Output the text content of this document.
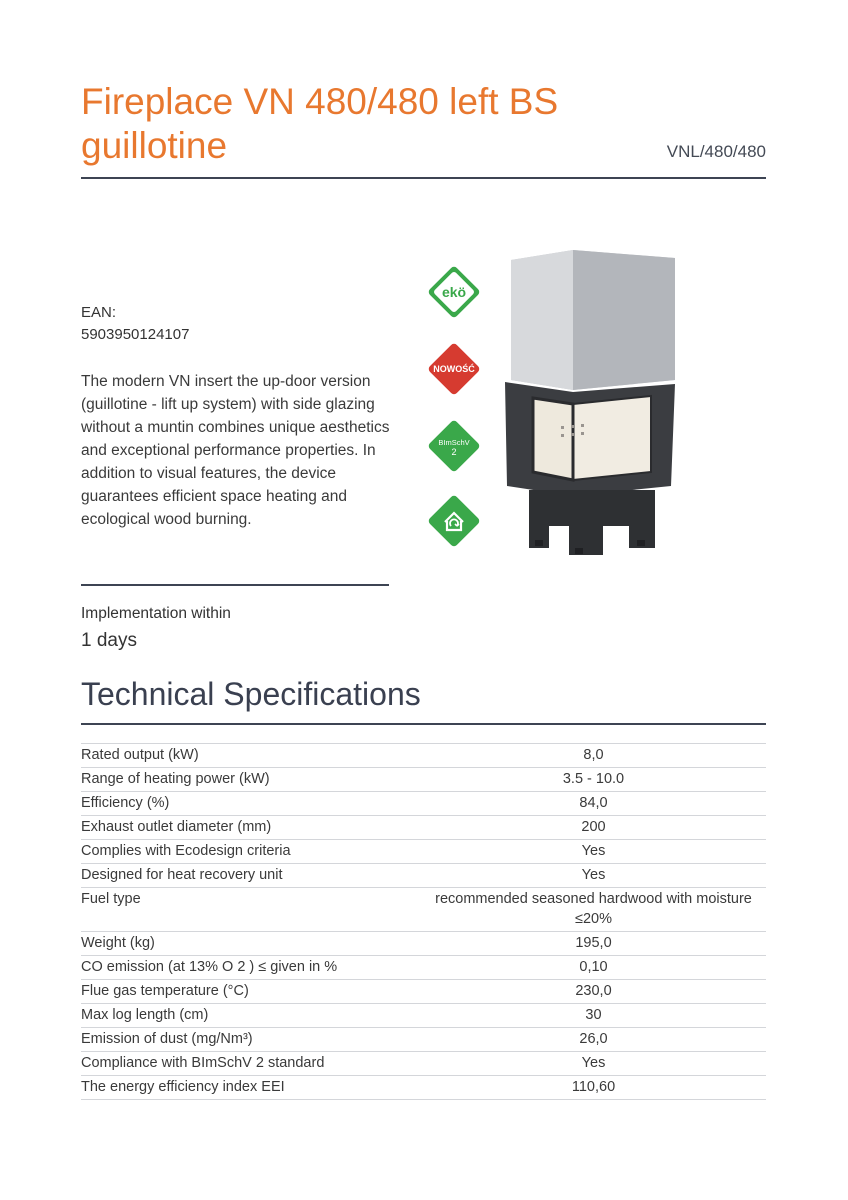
Fireplace VN 480/480 left BS guillotine	VNL/480/480
EAN:
5903950124107

The modern VN insert the up-door version (guillotine - lift up system) with side glazing without a muntin combines unique aesthetics and exceptional performance properties. In addition to visual features, the device guarantees efficient space heating and ecological wood burning.

ekö
NOWOŚĆ
BImSchV
2
Implementation within
1 days
Technical Specifications
Rated output (kW)	8,0
Range of heating power (kW)	3.5 - 10.0
Efficiency (%)	84,0
Exhaust outlet diameter (mm)	200
Complies with Ecodesign criteria	Yes
Designed for heat recovery unit	Yes
Fuel type	recommended seasoned hardwood with moisture ≤20%
Weight (kg)	195,0
CO emission (at 13% O 2 ) ≤ given in %	0,10
Flue gas temperature (°C)	230,0
Max log length (cm)	30
Emission of dust (mg/Nm³)	26,0
Compliance with BImSchV 2 standard	Yes
The energy efficiency index EEI	110,60
